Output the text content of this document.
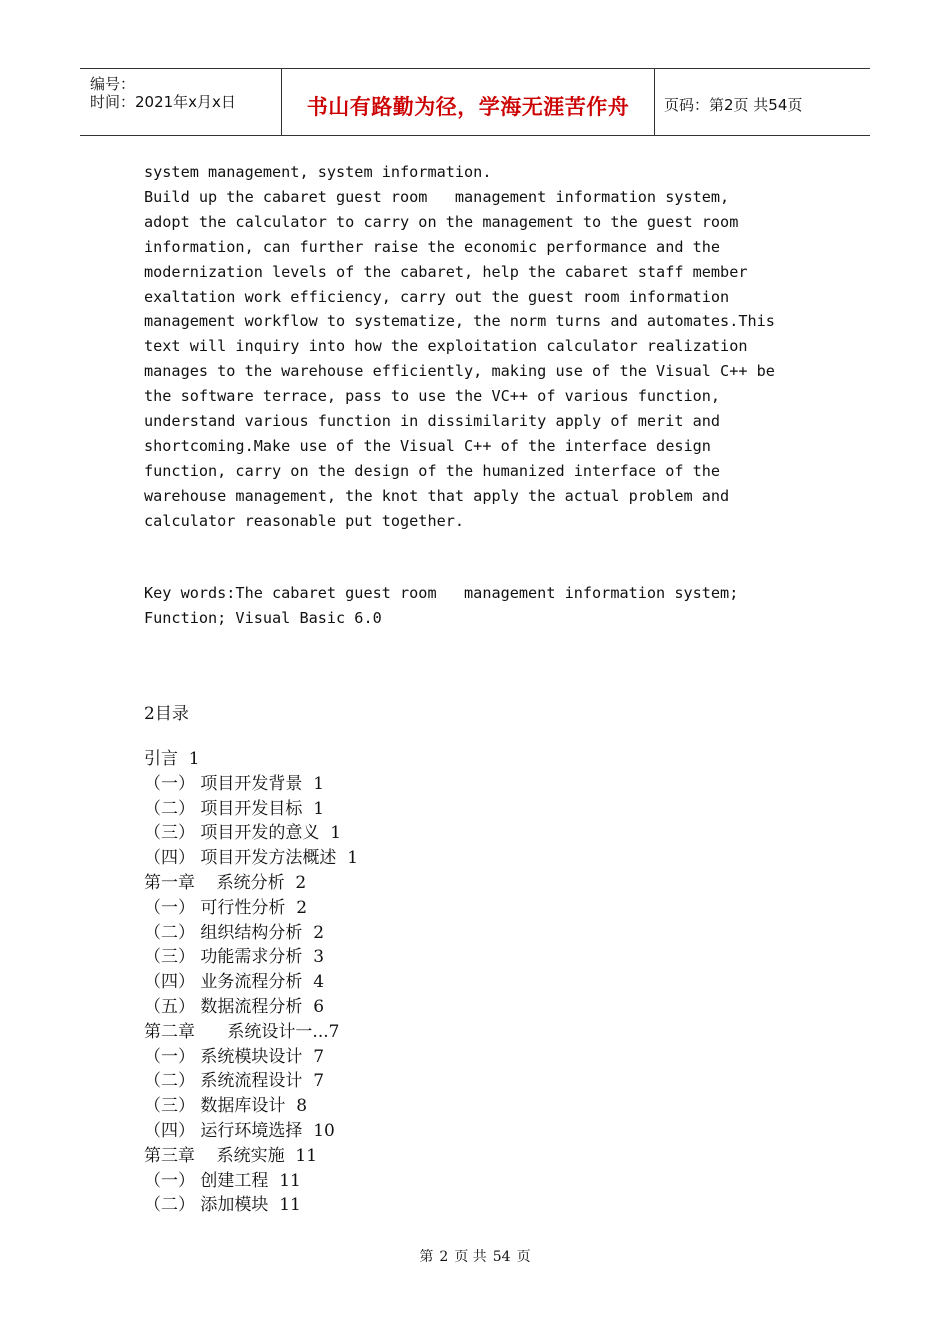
编号：
时间：2021年x月x日	书山有路勤为径，学海无涯苦作舟	页码：第2页 共54页
system management, system information.
Build up the cabaret guest room   management information system,
adopt the calculator to carry on the management to the guest room
information, can further raise the economic performance and the
modernization levels of the cabaret, help the cabaret staff member
exaltation work efficiency, carry out the guest room information
management workflow to systematize, the norm turns and automates.This
text will inquiry into how the exploitation calculator realization
manages to the warehouse efficiently, making use of the Visual C++ be
the software terrace, pass to use the VC++ of various function,
understand various function in dissimilarity apply of merit and
shortcoming.Make use of the Visual C++ of the interface design
function, carry on the design of the humanized interface of the
warehouse management, the knot that apply the actual problem and
calculator reasonable put together.
Key words:The cabaret guest room   management information system;
Function; Visual Basic 6.0
2目录
引言  1
（一） 项目开发背景  1
（二） 项目开发目标  1
（三） 项目开发的意义  1
（四） 项目开发方法概述  1
第一章    系统分析  2
（一） 可行性分析  2
（二） 组织结构分析  2
（三） 功能需求分析  3
（四） 业务流程分析  4
（五） 数据流程分析  6
第二章      系统设计一...7
（一） 系统模块设计  7
（二） 系统流程设计  7
（三） 数据库设计  8
（四） 运行环境选择  10
第三章    系统实施  11
（一） 创建工程  11
（二） 添加模块  11
第 2 页 共 54 页
